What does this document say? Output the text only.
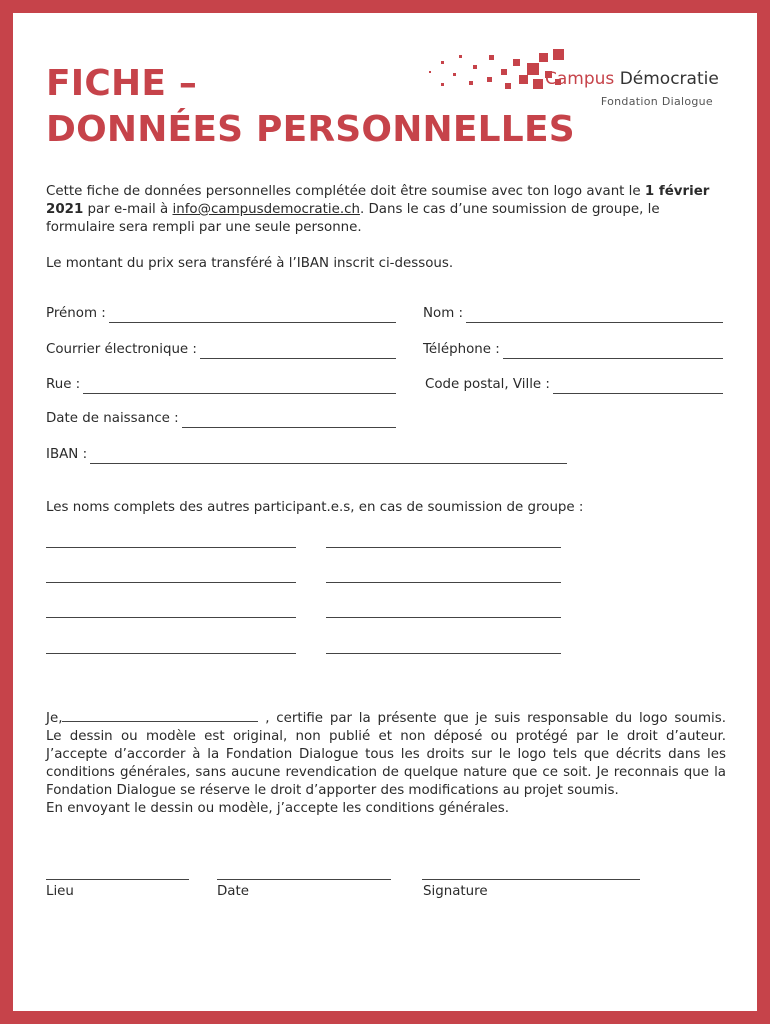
FICHE –
DONNÉES PERSONNELLES
Campus Démocratie
Fondation Dialogue
Cette fiche de données personnelles complétée doit être soumise avec ton logo avant le 1 février 2021 par e-mail à info@campusdemocratie.ch. Dans le cas d’une soumission de groupe, le formulaire sera rempli par une seule personne.
Le montant du prix sera transféré à l’IBAN inscrit ci-dessous.
Prénom :	Nom :
Courrier électronique :	Téléphone :
Rue :	Code postal, Ville :
Date de naissance :
IBAN :
Les noms complets des autres participant.e.s, en cas de soumission de groupe :
Je,	, certifie par la présente que je suis responsable du logo soumis.
Le dessin ou modèle est original, non publié et non déposé ou protégé par le droit d’auteur. J’accepte d’accorder à la Fondation Dialogue tous les droits sur le logo tels que décrits dans les conditions générales, sans aucune revendication de quelque nature que ce soit. Je reconnais que la Fondation Dialogue se réserve le droit d’apporter des modifications au projet soumis.
En envoyant le dessin ou modèle, j’accepte les conditions générales.
Lieu	Date	Signature
